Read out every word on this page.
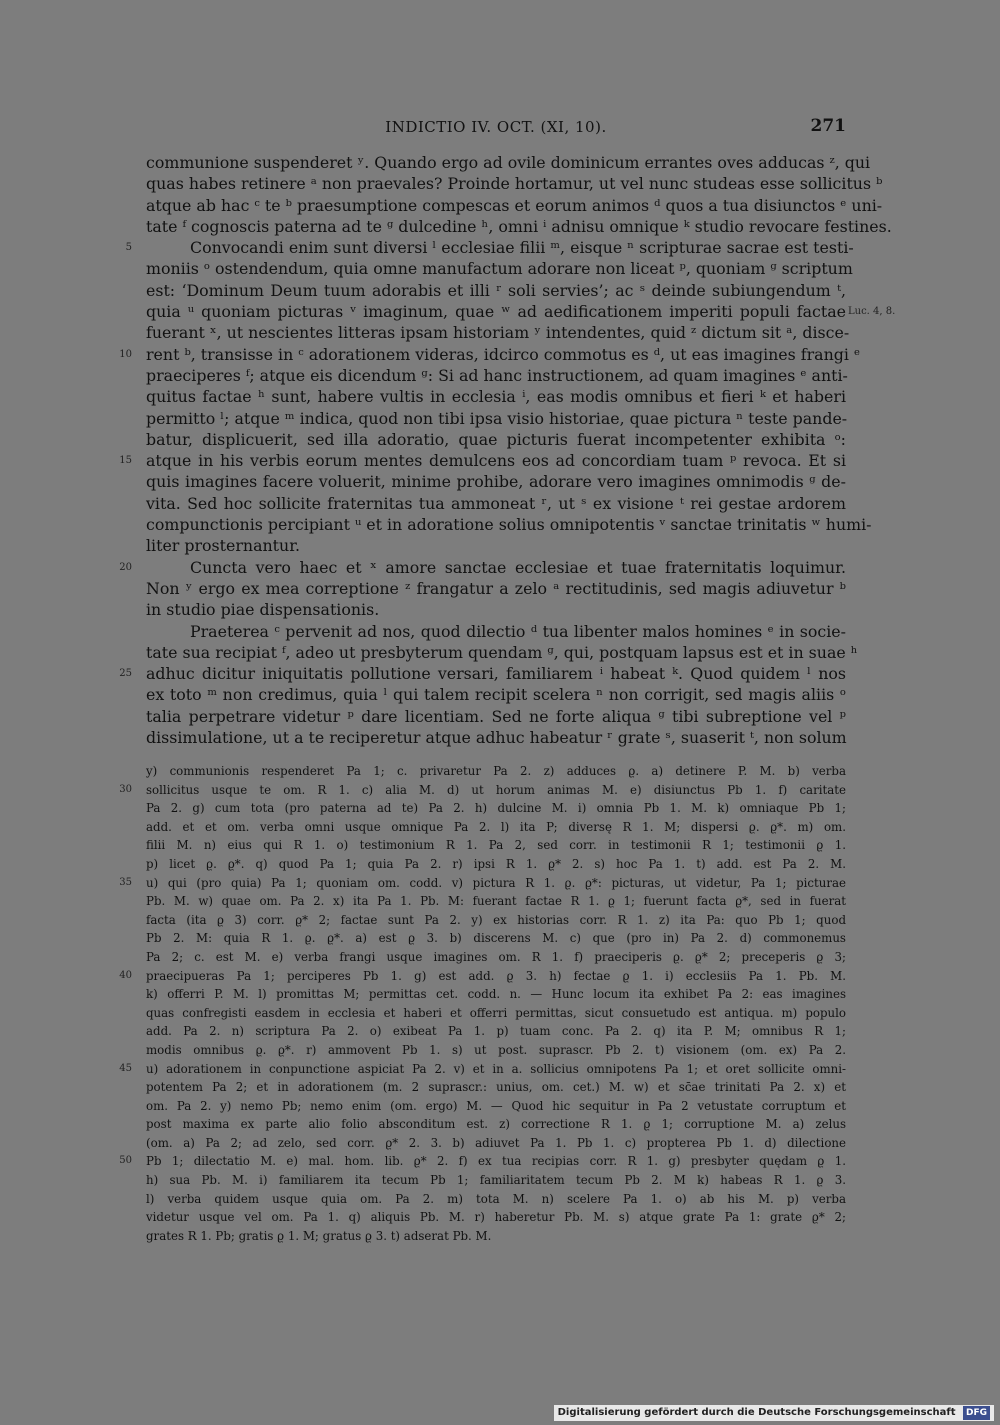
INDICTIO IV. OCT. (XI, 10).	271
communione suspenderet ʸ. Quando ergo ad ovile dominicum errantes oves adducas ᶻ, qui
quas habes retinere ᵃ non praevales? Proinde hortamur, ut vel nunc studeas esse sollicitus ᵇ
atque ab hac ᶜ te ᵇ praesumptione compescas et eorum animos ᵈ quos a tua disiunctos ᵉ uni-
tate ᶠ cognoscis paterna ad te ᵍ dulcedine ʰ, omni ⁱ adnisu omnique ᵏ studio revocare festines.
5	Convocandi enim sunt diversi ˡ ecclesiae filii ᵐ, eisque ⁿ scripturae sacrae est testi-
moniis ᵒ ostendendum, quia omne manufactum adorare non liceat ᵖ, quoniam ᵍ scriptum
est: ‘Dominum Deum tuum adorabis et illi ʳ soli servies’; ac ˢ deinde subiungendum ᵗ,
Luc. 4, 8.
quia ᵘ quoniam picturas ᵛ imaginum, quae ʷ ad aedificationem imperiti populi factae
fuerant ˣ, ut nescientes litteras ipsam historiam ʸ intendentes, quid ᶻ dictum sit ᵃ, disce-
10 rent ᵇ, transisse in ᶜ adorationem videras, idcirco commotus es ᵈ, ut eas imagines frangi ᵉ
praeciperes ᶠ; atque eis dicendum ᵍ: Si ad hanc instructionem, ad quam imagines ᵉ anti-
quitus factae ʰ sunt, habere vultis in ecclesia ⁱ, eas modis omnibus et fieri ᵏ et haberi
permitto ˡ; atque ᵐ indica, quod non tibi ipsa visio historiae, quae pictura ⁿ teste pande-
batur, displicuerit, sed illa adoratio, quae picturis fuerat incompetenter exhibita ᵒ:
15 atque in his verbis eorum mentes demulcens eos ad concordiam tuam ᵖ revoca. Et si
quis imagines facere voluerit, minime prohibe, adorare vero imagines omnimodis ᵍ de-
vita. Sed hoc sollicite fraternitas tua ammoneat ʳ, ut ˢ ex visione ᵗ rei gestae ardorem
compunctionis percipiant ᵘ et in adoratione solius omnipotentis ᵛ sanctae trinitatis ʷ humi-
liter prosternantur.
20	Cuncta vero haec et ˣ amore sanctae ecclesiae et tuae fraternitatis loquimur.
Non ʸ ergo ex mea correptione ᶻ frangatur a zelo ᵃ rectitudinis, sed magis adiuvetur ᵇ
in studio piae dispensationis.
Praeterea ᶜ pervenit ad nos, quod dilectio ᵈ tua libenter malos homines ᵉ in socie-
tate sua recipiat ᶠ, adeo ut presbyterum quendam ᵍ, qui, postquam lapsus est et in suae ʰ
25 adhuc dicitur iniquitatis pollutione versari, familiarem ⁱ habeat ᵏ. Quod quidem ˡ nos
ex toto ᵐ non credimus, quia ˡ qui talem recipit scelera ⁿ non corrigit, sed magis aliis ᵒ
talia perpetrare videtur ᵖ dare licentiam. Sed ne forte aliqua ᵍ tibi subreptione vel ᵖ
dissimulatione, ut a te reciperetur atque adhuc habeatur ʳ grate ˢ, suaserit ᵗ, non solum
y) communionis respenderet Pa 1; c. privaretur Pa 2. z) adduces ϱ. a) detinere P. M. b) verba
30 sollicitus usque te om. R 1. c) alia M. d) ut horum animas M. e) disiunctus Pb 1. f) caritate
Pa 2. g) cum tota (pro paterna ad te) Pa 2. h) dulcine M. i) omnia Pb 1. M. k) omniaque Pb 1;
add. et et om. verba omni usque omnique Pa 2. l) ita P; diversę R 1. M; dispersi ϱ. ϱ*. m) om.
filii M. n) eius qui R 1. o) testimonium R 1. Pa 2, sed corr. in testimonii R 1; testimonii ϱ 1.
p) licet ϱ. ϱ*. q) quod Pa 1; quia Pa 2. r) ipsi R 1. ϱ* 2. s) hoc Pa 1. t) add. est Pa 2. M.
35 u) qui (pro quia) Pa 1; quoniam om. codd. v) pictura R 1. ϱ. ϱ*: picturas, ut videtur, Pa 1; picturae
Pb. M. w) quae om. Pa 2. x) ita Pa 1. Pb. M: fuerant factae R 1. ϱ 1; fuerunt facta ϱ*, sed in fuerat
facta (ita ϱ 3) corr. ϱ* 2; factae sunt Pa 2. y) ex historias corr. R 1. z) ita Pa: quo Pb 1; quod
Pb 2. M: quia R 1. ϱ. ϱ*. a) est ϱ 3. b) discerens M. c) que (pro in) Pa 2. d) commonemus
Pa 2; c. est M. e) verba frangi usque imagines om. R 1. f) praeciperis ϱ. ϱ* 2; preceperis ϱ 3;
40 praecipueras Pa 1; perciperes Pb 1. g) est add. ϱ 3. h) fectae ϱ 1. i) ecclesiis Pa 1. Pb. M.
k) offerri P. M. l) promittas M; permittas cet. codd. n. — Hunc locum ita exhibet Pa 2: eas imagines
quas confregisti easdem in ecclesia et haberi et offerri permittas, sicut consuetudo est antiqua. m) populo
add. Pa 2. n) scriptura Pa 2. o) exibeat Pa 1. p) tuam conc. Pa 2. q) ita P. M; omnibus R 1;
modis omnibus ϱ. ϱ*. r) ammovent Pb 1. s) ut post. suprascr. Pb 2. t) visionem (om. ex) Pa 2.
45 u) adorationem in conpunctione aspiciat Pa 2. v) et in a. sollicius omnipotens Pa 1; et oret sollicite omni-
potentem Pa 2; et in adorationem (m. 2 suprascr.: unius, om. cet.) M. w) et sc̄ae trinitati Pa 2. x) et
om. Pa 2. y) nemo Pb; nemo enim (om. ergo) M. — Quod hic sequitur in Pa 2 vetustate corruptum et
post maxima ex parte alio folio absconditum est. z) correctione R 1. ϱ 1; corruptione M. a) zelus
(om. a) Pa 2; ad zelo, sed corr. ϱ* 2. 3. b) adiuvet Pa 1. Pb 1. c) propterea Pb 1. d) dilectione
50 Pb 1; dilectatio M. e) mal. hom. lib. ϱ* 2. f) ex tua recipias corr. R 1. g) presbyter quędam ϱ 1.
h) sua Pb. M. i) familiarem ita tecum Pb 1; familiaritatem tecum Pb 2. M k) habeas R 1. ϱ 3.
l) verba quidem usque quia om. Pa 2. m) tota M. n) scelere Pa 1. o) ab his M. p) verba
videtur usque vel om. Pa 1. q) aliquis Pb. M. r) haberetur Pb. M. s) atque grate Pa 1: grate ϱ* 2;
grates R 1. Pb; gratis ϱ 1. M; gratus ϱ 3. t) adserat Pb. M.
Digitalisierung gefördert durch die Deutsche Forschungsgemeinschaft DFG
